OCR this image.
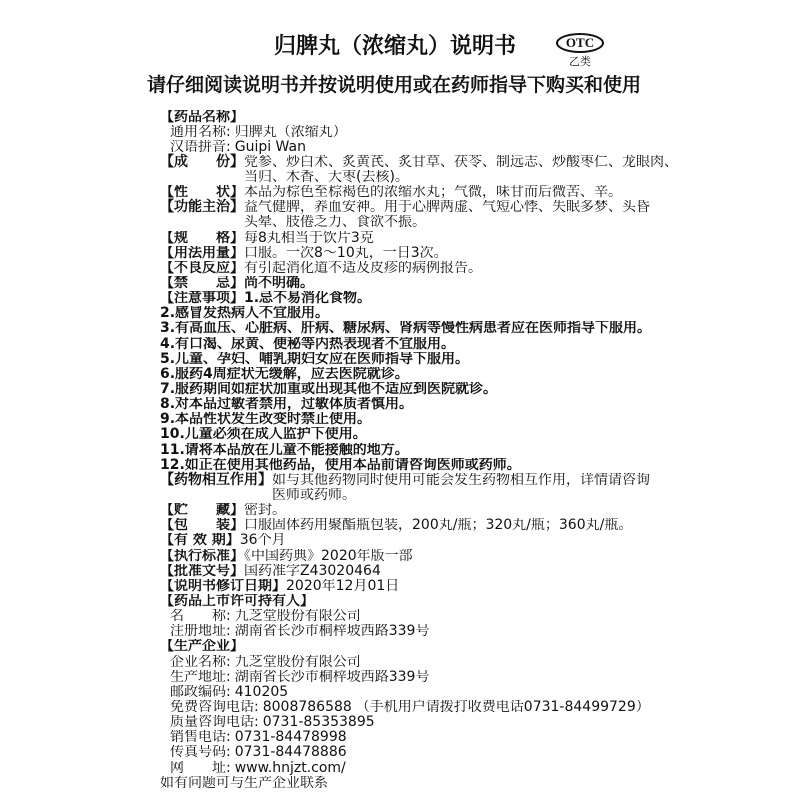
归脾丸（浓缩丸）说明书	OTC
乙类
请仔细阅读说明书并按说明使用或在药师指导下购买和使用
【药品名称】
通用名称: 归脾丸（浓缩丸）
汉语拼音: Guipi Wan
【成　　份】 党参、炒白术、炙黄芪、炙甘草、茯苓、制远志、炒酸枣仁、龙眼肉、
当归、木香、大枣(去核)。
【性　　状】本品为棕色至棕褐色的浓缩水丸；气微，味甘而后微苦、辛。
【功能主治】 益气健脾，养血安神。用于心脾两虚、气短心悸、失眠多梦、头昏
头晕、肢倦乏力、食欲不振。
【规　　格】每8丸相当于饮片3克
【用法用量】口服。一次8～10丸，一日3次。
【不良反应】有引起消化道不适及皮疹的病例报告。
【禁　　忌】尚不明确。
【注意事项】1.忌不易消化食物。
2.感冒发热病人不宜服用。
3.有高血压、心脏病、肝病、糖尿病、肾病等慢性病患者应在医师指导下服用。
4.有口渴、尿黄、便秘等内热表现者不宜服用。
5.儿童、孕妇、哺乳期妇女应在医师指导下服用。
6.服药4周症状无缓解，应去医院就诊。
7.服药期间如症状加重或出现其他不适应到医院就诊。
8.对本品过敏者禁用，过敏体质者慎用。
9.本品性状发生改变时禁止使用。
10.儿童必须在成人监护下使用。
11.请将本品放在儿童不能接触的地方。
12.如正在使用其他药品，使用本品前请咨询医师或药师。
【药物相互作用】 如与其他药物同时使用可能会发生药物相互作用，详情请咨询
医师或药师。
【贮　　藏】密封。
【包　　装】口服固体药用聚酯瓶包装，200丸/瓶；320丸/瓶；360丸/瓶。
【有 效 期】36个月
【执行标准】《中国药典》2020年版一部
【批准文号】国药准字Z43020464
【说明书修订日期】2020年12月01日
【药品上市许可持有人】
名　　称: 九芝堂股份有限公司
注册地址: 湖南省长沙市桐梓坡西路339号
【生产企业】
企业名称: 九芝堂股份有限公司
生产地址: 湖南省长沙市桐梓坡西路339号
邮政编码: 410205
免费咨询电话: 8008786588 （手机用户请拨打收费电话0731-84499729）
质量咨询电话: 0731-85353895
销售电话: 0731-84478998
传真号码: 0731-84478886
网　　址: www.hnjzt.com/
如有问题可与生产企业联系
